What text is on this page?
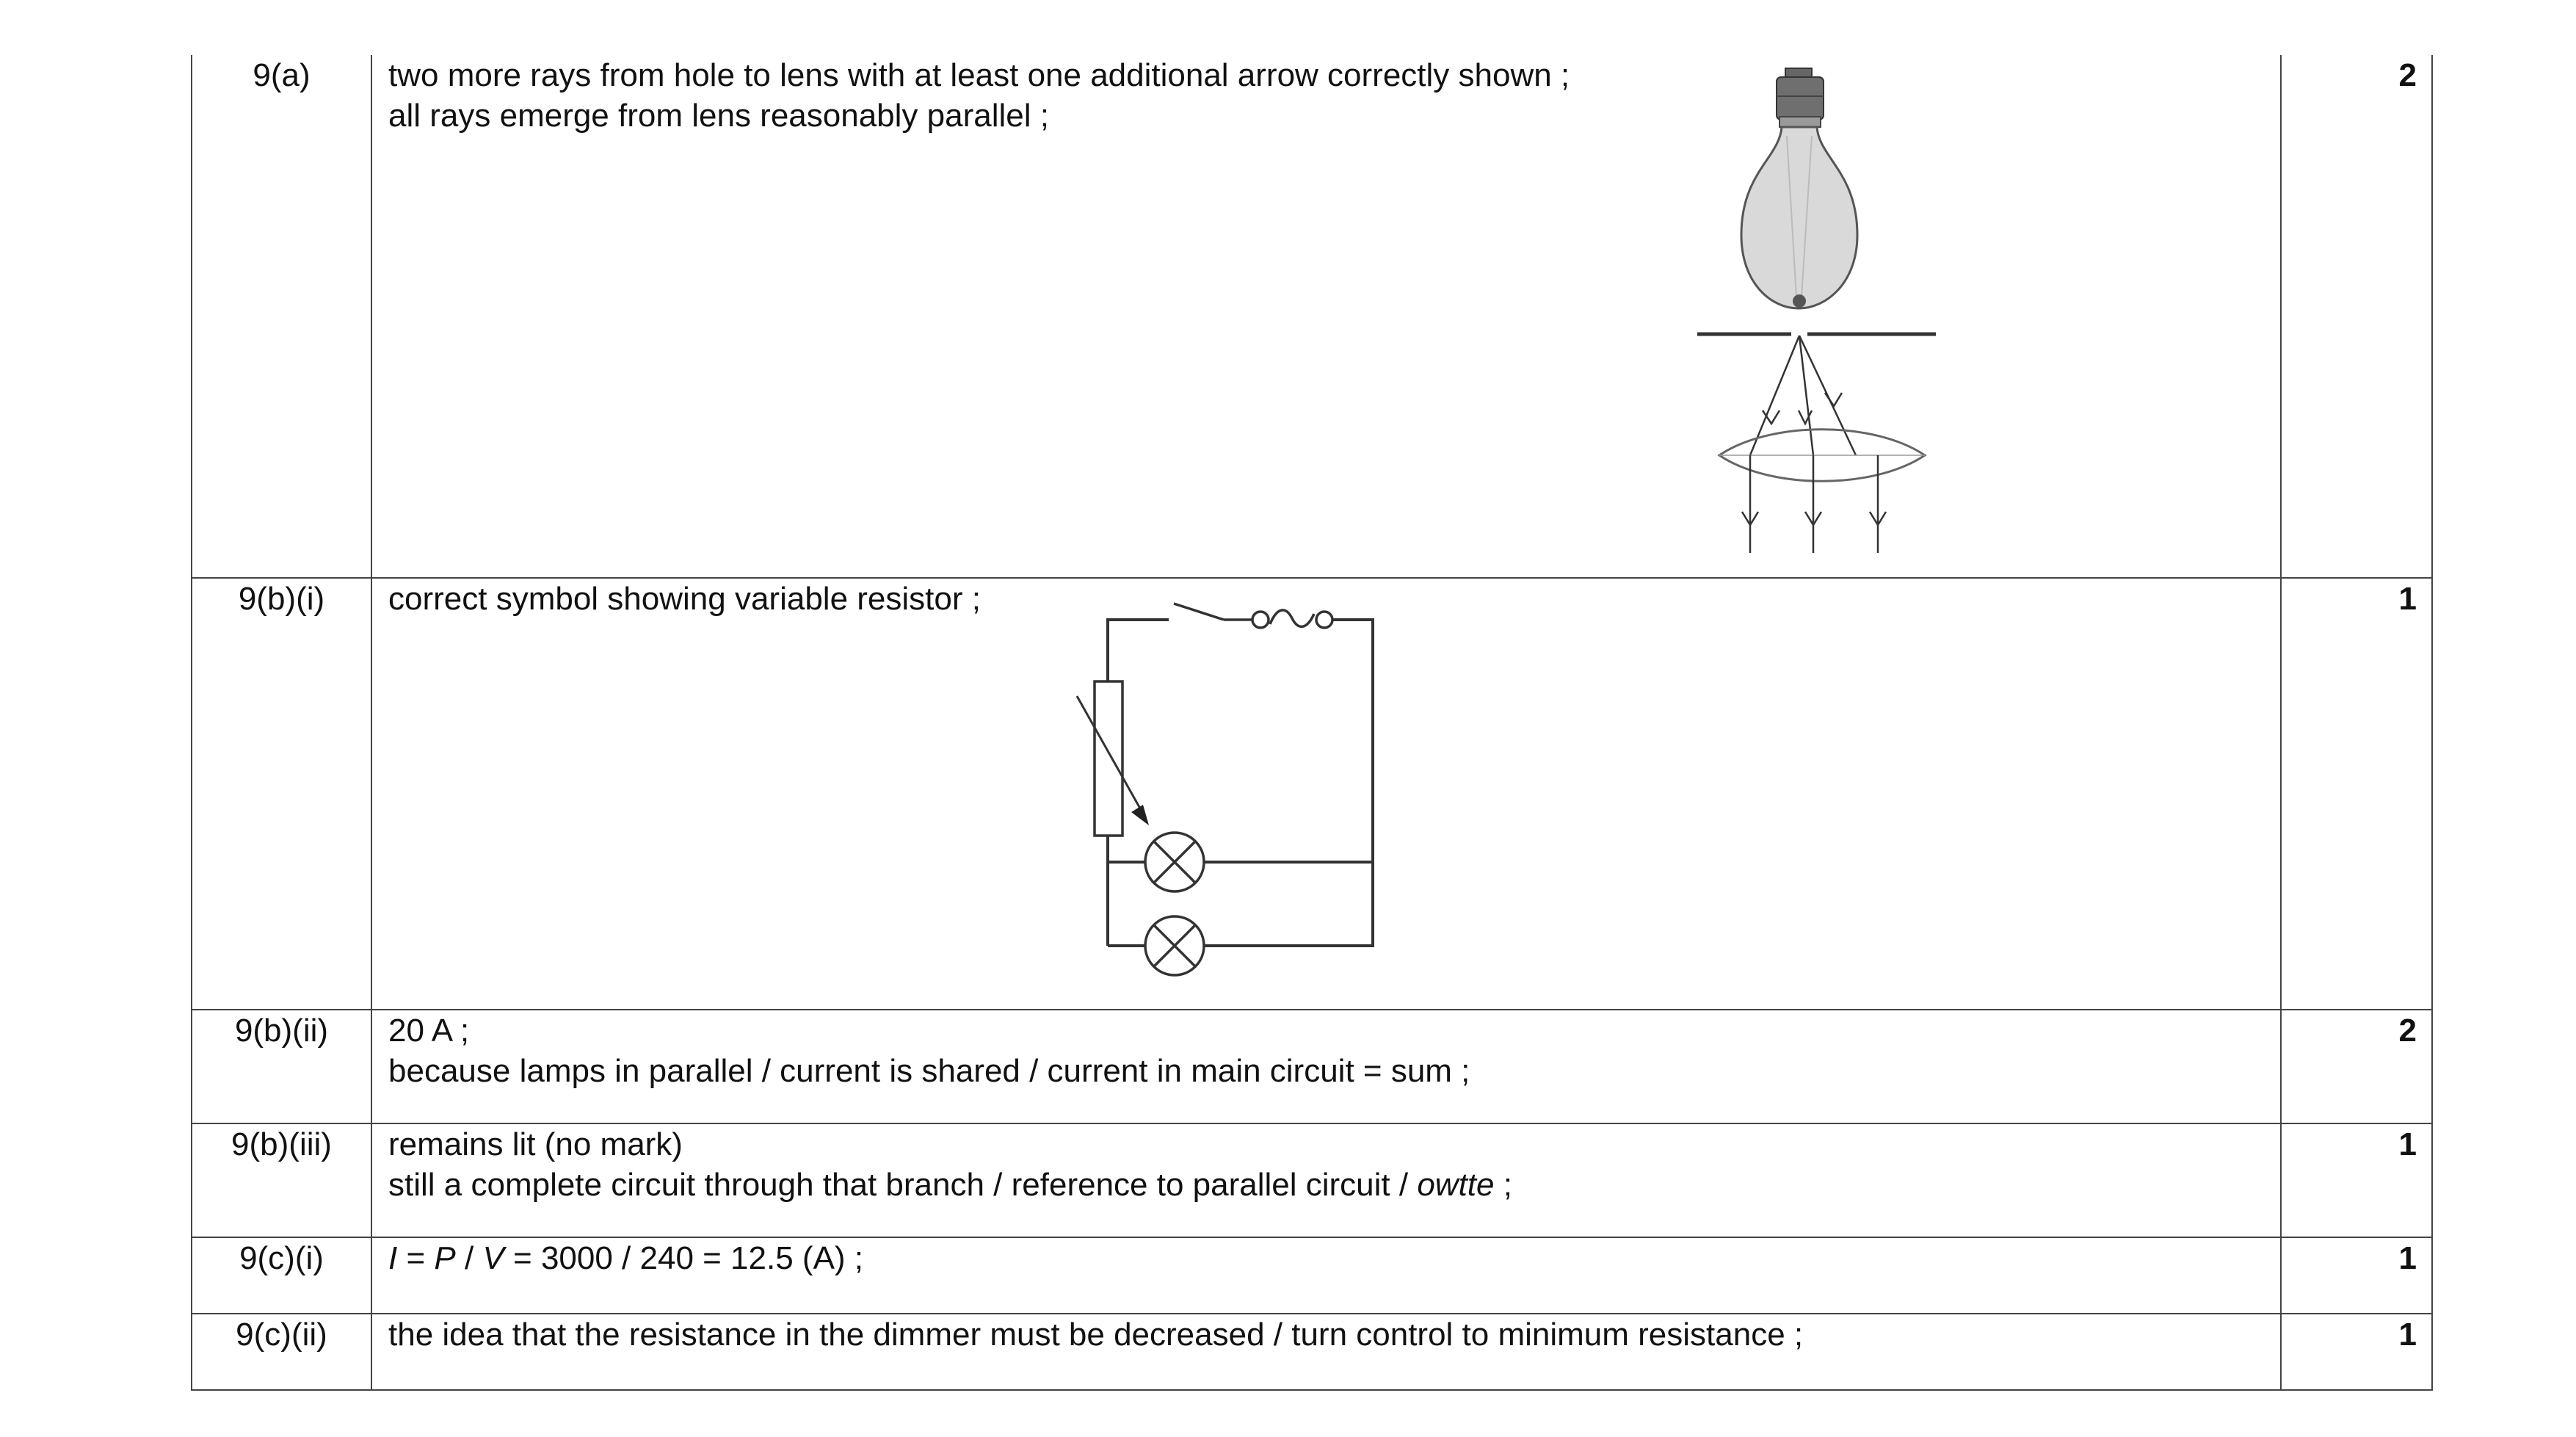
9(a)	two more rays from hole to lens with at least one additional arrow correctly shown ;
all rays emerge from lens reasonably parallel ;	2

9(b)(i)	correct symbol showing variable resistor ;	1

9(b)(ii)	20 A ;
because lamps in parallel / current is shared / current in main circuit = sum ;	2

9(b)(iii)	remains lit (no mark)
still a complete circuit through that branch / reference to parallel circuit / owtte ;	1

9(c)(i)	I = P / V = 3000 / 240 = 12.5 (A) ;	1

9(c)(ii)	the idea that the resistance in the dimmer must be decreased / turn control to minimum resistance ;	1
